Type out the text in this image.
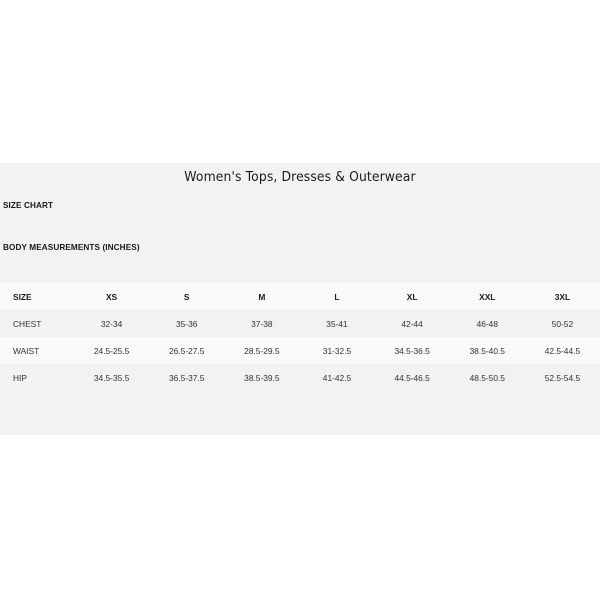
Women's Tops, Dresses & Outerwear
SIZE CHART
BODY MEASUREMENTS (INCHES)
SIZE	XS	S	M	L	XL	XXL	3XL
CHEST	32-34	35-36	37-38	35-41	42-44	46-48	50-52
WAIST	24.5-25.5	26.5-27.5	28.5-29.5	31-32.5	34.5-36.5	38.5-40.5	42.5-44.5
HIP	34.5-35.5	36.5-37.5	38.5-39.5	41-42.5	44.5-46.5	48.5-50.5	52.5-54.5
